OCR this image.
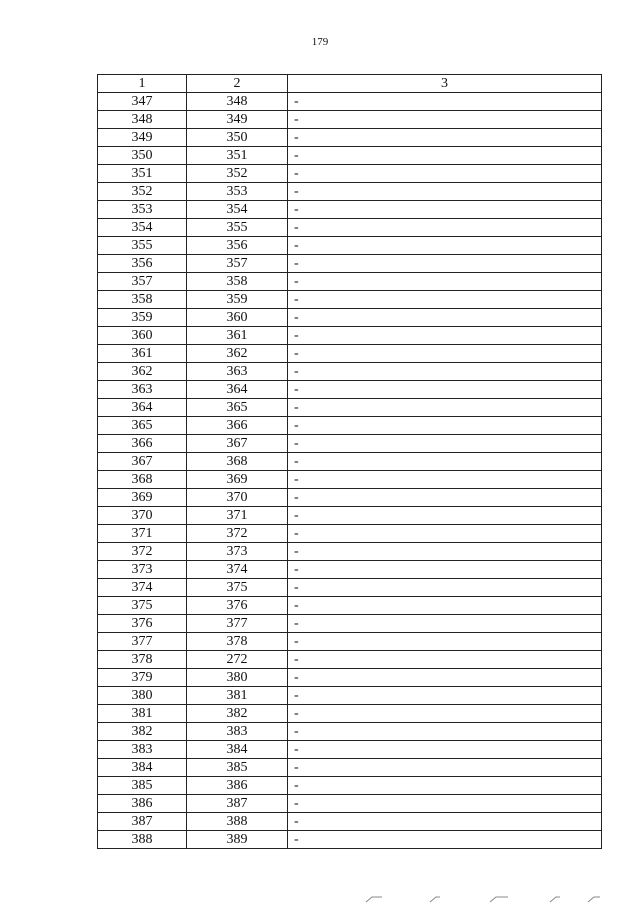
179
1	2	3
347	348	-
348	349	-
349	350	-
350	351	-
351	352	-
352	353	-
353	354	-
354	355	-
355	356	-
356	357	-
357	358	-
358	359	-
359	360	-
360	361	-
361	362	-
362	363	-
363	364	-
364	365	-
365	366	-
366	367	-
367	368	-
368	369	-
369	370	-
370	371	-
371	372	-
372	373	-
373	374	-
374	375	-
375	376	-
376	377	-
377	378	-
378	272	-
379	380	-
380	381	-
381	382	-
382	383	-
383	384	-
384	385	-
385	386	-
386	387	-
387	388	-
388	389	-
